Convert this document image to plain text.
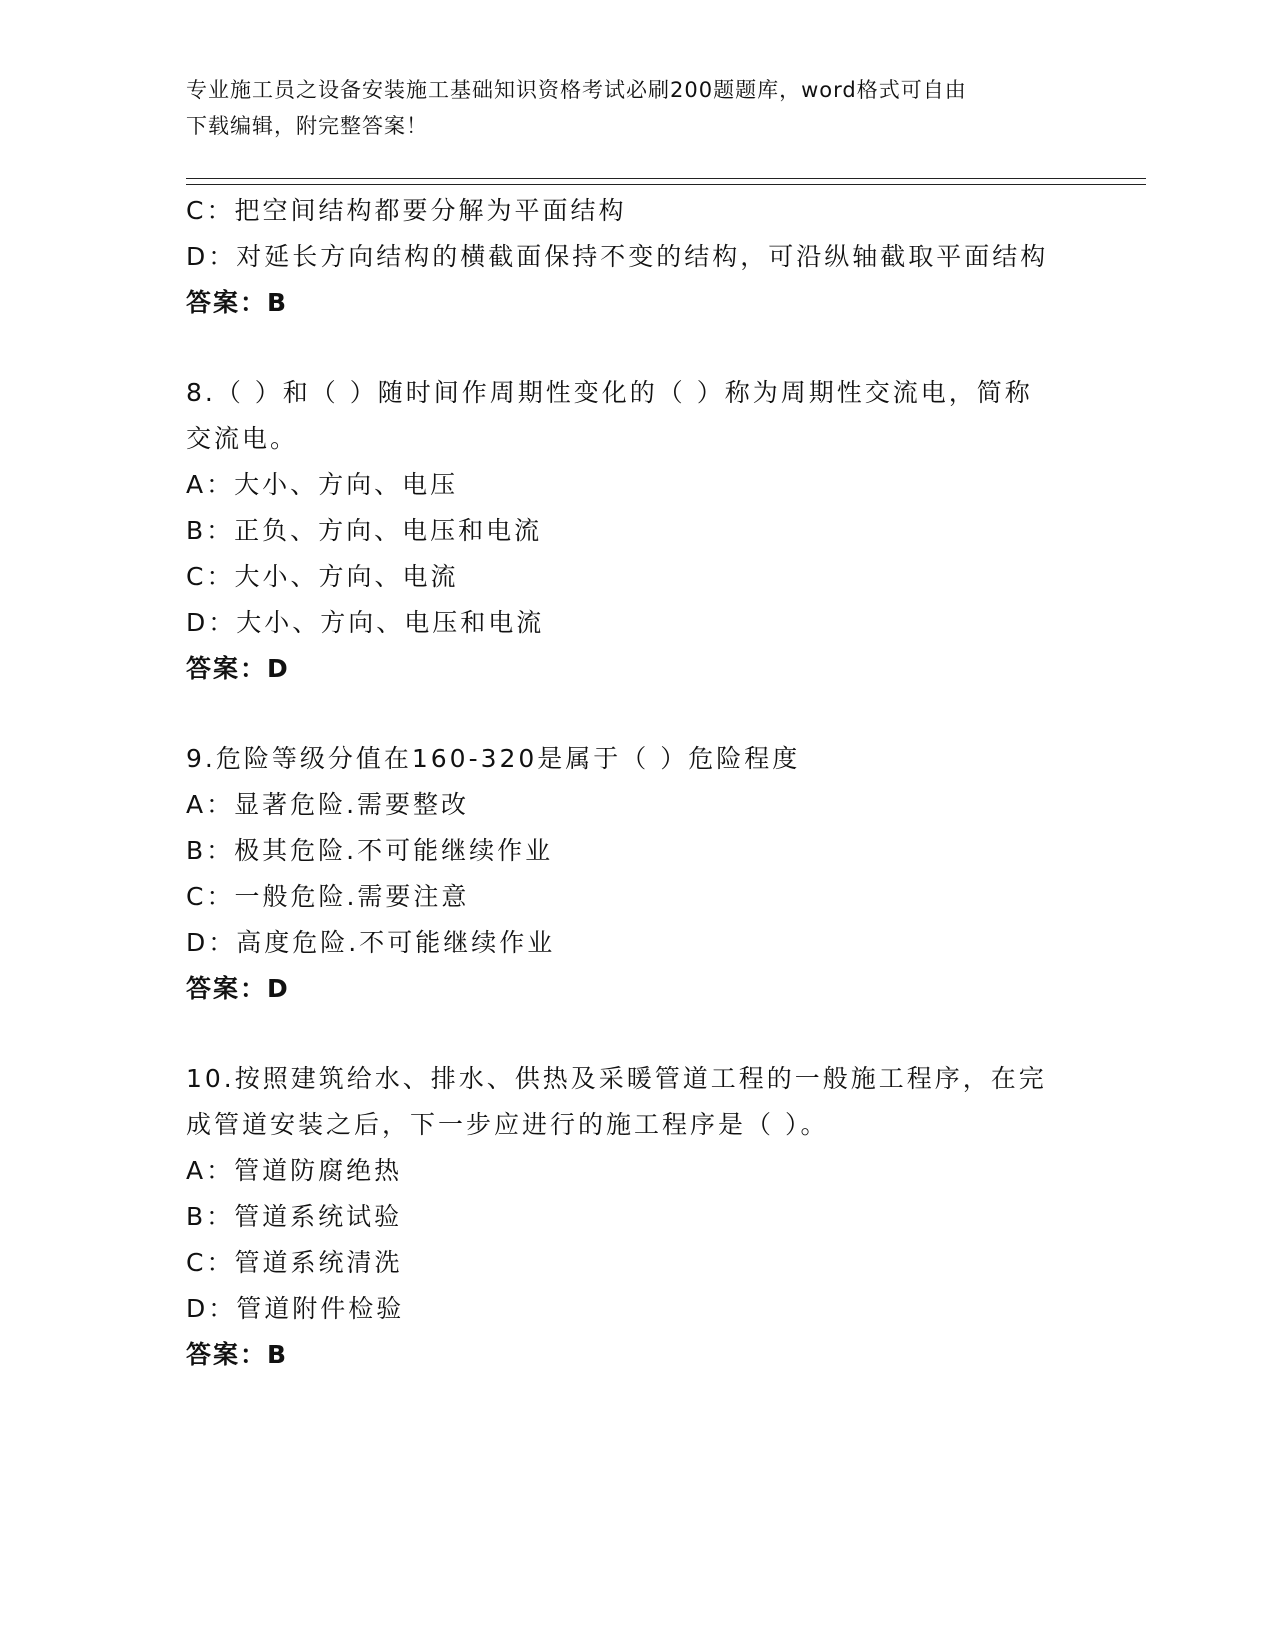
专业施工员之设备安装施工基础知识资格考试必刷200题题库，word格式可自由
下载编辑，附完整答案！
C：把空间结构都要分解为平面结构
D：对延长方向结构的横截面保持不变的结构，可沿纵轴截取平面结构
答案：B
8.（ ）和（ ）随时间作周期性变化的（ ）称为周期性交流电，简称
交流电。
A：大小、方向、电压
B：正负、方向、电压和电流
C：大小、方向、电流
D：大小、方向、电压和电流
答案：D
9.危险等级分值在160-320是属于（ ）危险程度
A：显著危险.需要整改
B：极其危险.不可能继续作业
C：一般危险.需要注意
D：高度危险.不可能继续作业
答案：D
10.按照建筑给水、排水、供热及采暖管道工程的一般施工程序，在完
成管道安装之后，下一步应进行的施工程序是（ ）。
A：管道防腐绝热
B：管道系统试验
C：管道系统清洗
D：管道附件检验
答案：B
